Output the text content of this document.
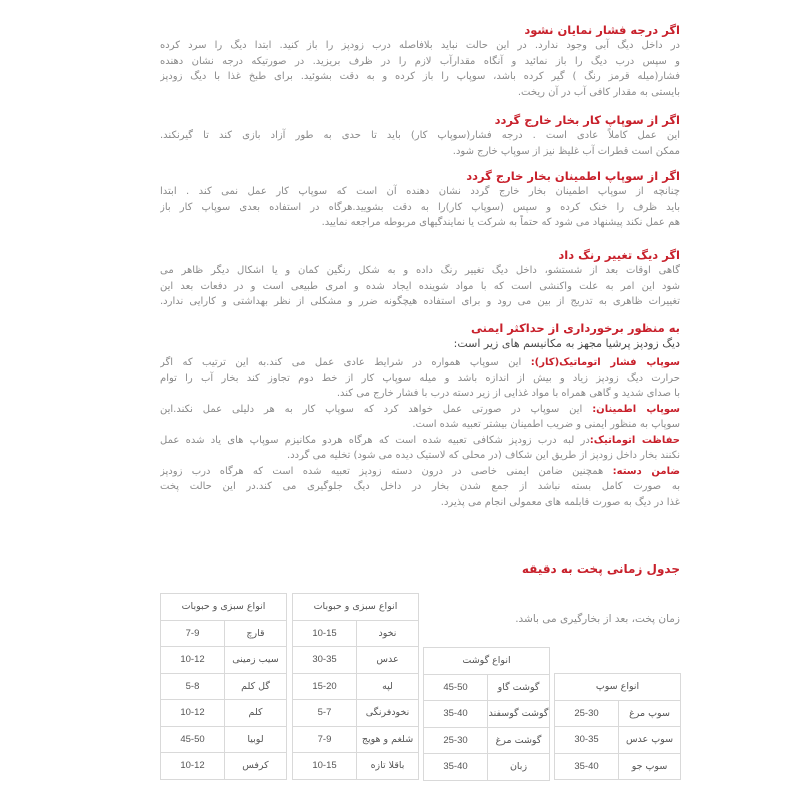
اگر درجه فشار نمایان نشود

در داخل دیگ آبی وجود ندارد. در این حالت نباید بلافاصله درب زودپز را باز کنید. ابتدا دیگ را سرد کرده
و سپس درب دیگ را باز نمائید و آنگاه مقدارآب لازم را در ظرف بریزید. در صورتیکه درجه نشان دهنده
فشار(میله قرمز رنگ ) گیر کرده باشد، سوپاپ را باز کرده و به دقت بشوئید. برای طبخ غذا با دیگ زودپز
بایستی به مقدار کافی آب در آن ریخت.

اگر از سوپاپ کار بخار خارج گردد

این عمل کاملاً عادی است . درجه فشار(سوپاپ کار) باید تا حدی به طور آزاد بازی کند تا گیرنکند.
ممکن است قطرات آب غلیظ نیز از سوپاپ خارج شود.

اگر از سوپاپ اطمینان بخار خارج گردد

چنانچه از سوپاپ اطمینان بخار خارج گردد نشان دهنده آن است که سوپاپ کار عمل نمی کند . ابتدا
باید ظرف را خنک کرده و سپس (سوپاپ کار)را به دقت بشویید.هرگاه در استفاده بعدی سوپاپ کار باز
هم عمل نکند پیشنهاد می شود که حتماً به شرکت یا نمایندگیهای مربوطه مراجعه نمایید.

اگر دیگ تغییر رنگ داد

گاهی اوقات بعد از شستشو، داخل دیگ تغییر رنگ داده و به شکل رنگین کمان و یا اشکال دیگر ظاهر می
شود این امر به علت واکنشی است که با مواد شوینده ایجاد شده و امری طبیعی است و در دفعات بعد این
تغییرات ظاهری به تدریج از بین می رود و برای استفاده هیچگونه ضرر و مشکلی از نظر بهداشتی و کارایی ندارد.

به منظور برخورداری از حداکثر ایمنی

دیگ زودپز پرشیا مجهز به مکانیسم های زیر است:

سوپاپ فشار اتوماتیک(کار): این سوپاپ همواره در شرایط عادی عمل می کند.به این ترتیب که اگر
حرارت دیگ زودپز زیاد و بیش از اندازه باشد و میله سوپاپ کار از خط دوم تجاوز کند بخار آب را توام
با صدای شدید و گاهی همراه با مواد غذایی از زیر دسته درب با فشار خارج می کند.
سوپاپ اطمینان: این سوپاپ در صورتی عمل خواهد کرد که سوپاپ کار به هر دلیلی عمل نکند.این
سوپاپ به منظور ایمنی و ضریب اطمینان بیشتر تعبیه شده است.
حفاظت اتوماتیک:در لبه درب زودپز شکافی تعبیه شده است که هرگاه هردو مکانیزم سوپاپ های یاد شده عمل
نکنند بخار داخل زودپز از طریق این شکاف (در محلی که لاستیک دیده می شود) تخلیه می گردد.
ضامن دسته: همچنین ضامن ایمنی خاصی در درون دسته زودپز تعبیه شده است که هرگاه درب زودپز
به صورت کامل بسته نباشد از جمع شدن بخار در داخل دیگ جلوگیری می کند.در این حالت پخت
غذا در دیگ به صورت قابلمه های معمولی انجام می پذیرد.

جدول زمانی پخت به دقیقه
زمان پخت، بعد از بخارگیری می باشد.
انواع سوپ	
سوپ مرغ	25-30
سوپ عدس	30-35
سوپ جو	35-40
انواع گوشت	
گوشت گاو	45-50
گوشت گوسفند	35-40
گوشت مرغ	25-30
زبان	35-40
انواع سبزی و حبوبات	
نخود	10-15
عدس	30-35
لپه	15-20
نخودفرنگی	5-7
شلغم و هویج	7-9
باقلا تازه	10-15
انواع سبزی و حبوبات	
قارچ	7-9
سیب زمینی	10-12
گل کلم	5-8
کلم	10-12
لوبیا	45-50
کرفس	10-12
